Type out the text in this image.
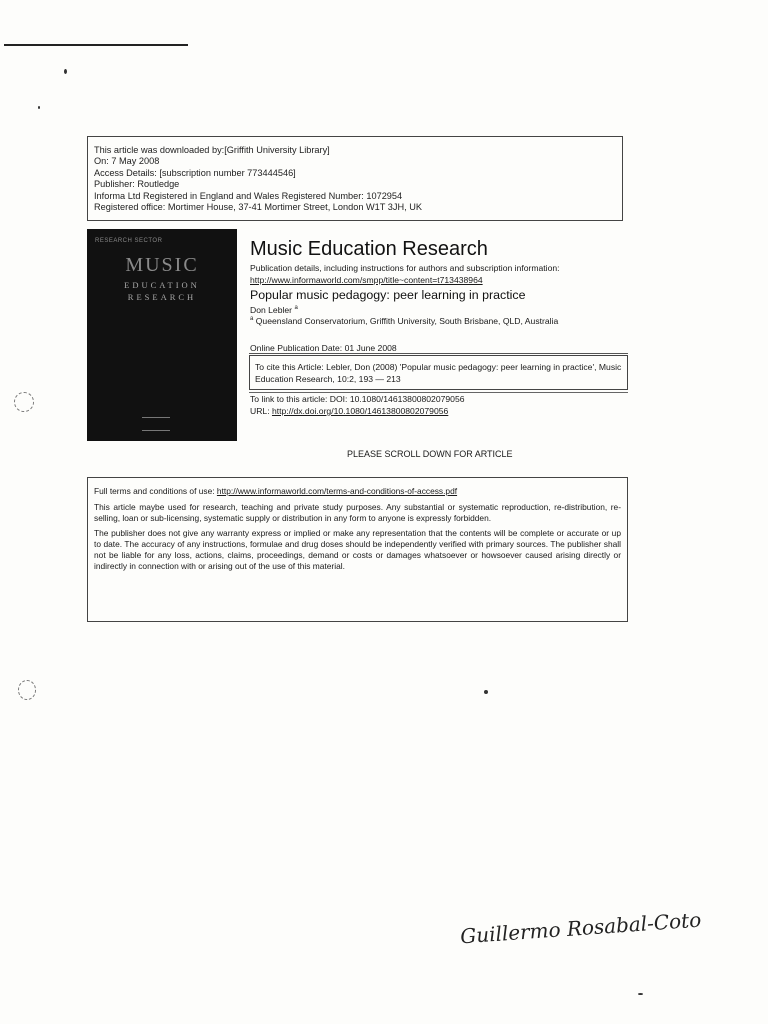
This article was downloaded by:[Griffith University Library]
On: 7 May 2008
Access Details: [subscription number 773444546]
Publisher: Routledge
Informa Ltd Registered in England and Wales Registered Number: 1072954
Registered office: Mortimer House, 37-41 Mortimer Street, London W1T 3JH, UK
RESEARCH SECTOR
MUSIC
EDUCATION
RESEARCH
Music Education Research
Publication details, including instructions for authors and subscription information:
http://www.informaworld.com/smpp/title~content=t713438964
Popular music pedagogy: peer learning in practice
Don Lebler $^a$
$^a$ Queensland Conservatorium, Griffith University, South Brisbane, QLD, Australia
Online Publication Date: 01 June 2008
To cite this Article: Lebler, Don (2008) 'Popular music pedagogy: peer learning in practice', Music Education Research, 10:2, 193 — 213
To link to this article: DOI: 10.1080/14613800802079056
URL: http://dx.doi.org/10.1080/14613800802079056
PLEASE SCROLL DOWN FOR ARTICLE

Full terms and conditions of use: http://www.informaworld.com/terms-and-conditions-of-access.pdf

This article maybe used for research, teaching and private study purposes. Any substantial or systematic reproduction, re-distribution, re-selling, loan or sub-licensing, systematic supply or distribution in any form to anyone is expressly forbidden.

The publisher does not give any warranty express or implied or make any representation that the contents will be complete or accurate or up to date. The accuracy of any instructions, formulae and drug doses should be independently verified with primary sources. The publisher shall not be liable for any loss, actions, claims, proceedings, demand or costs or damages whatsoever or howsoever caused arising directly or indirectly in connection with or arising out of the use of this material.

Guillermo Rosabal-Coto
